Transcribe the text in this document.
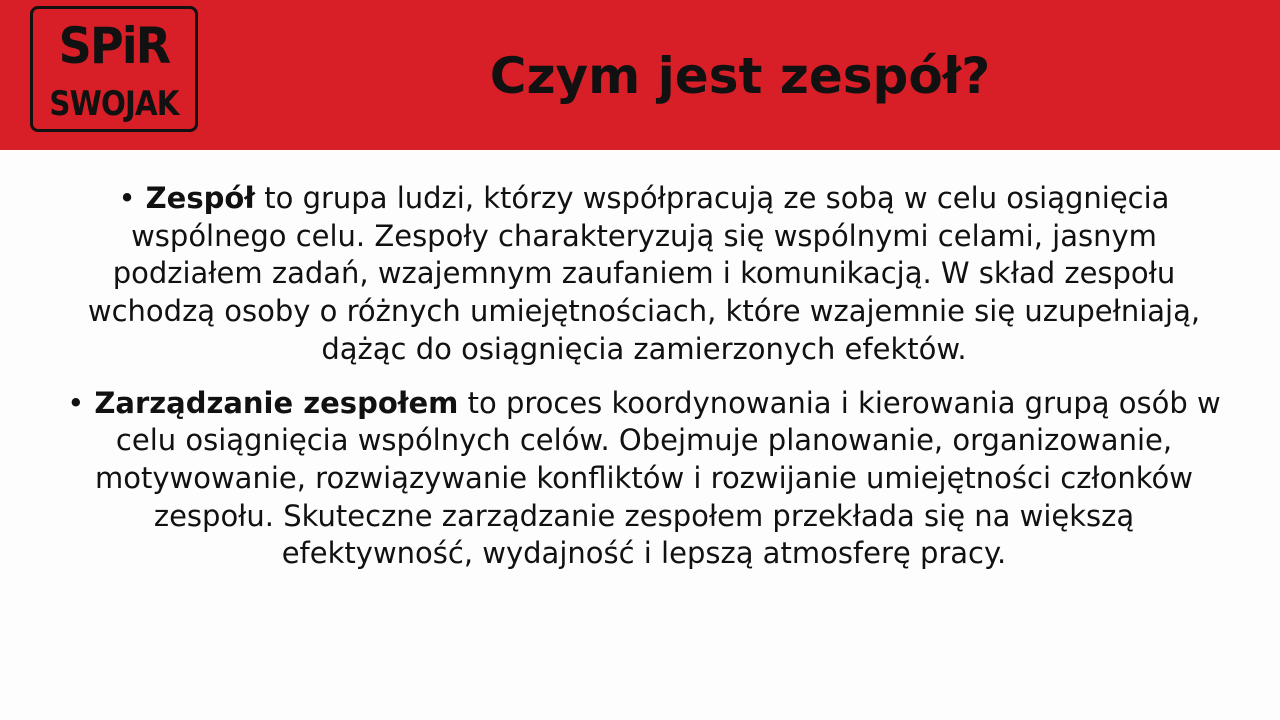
SPiR
SWOJAK	Czym jest zespół?
• Zespół to grupa ludzi, którzy współpracują ze sobą w celu osiągnięcia wspólnego celu. Zespoły charakteryzują się wspólnymi celami, jasnym podziałem zadań, wzajemnym zaufaniem i komunikacją. W skład zespołu wchodzą osoby o różnych umiejętnościach, które wzajemnie się uzupełniają, dążąc do osiągnięcia zamierzonych efektów.
• Zarządzanie zespołem to proces koordynowania i kierowania grupą osób w celu osiągnięcia wspólnych celów. Obejmuje planowanie, organizowanie, motywowanie, rozwiązywanie konfliktów i rozwijanie umiejętności członków zespołu. Skuteczne zarządzanie zespołem przekłada się na większą efektywność, wydajność i lepszą atmosferę pracy.
